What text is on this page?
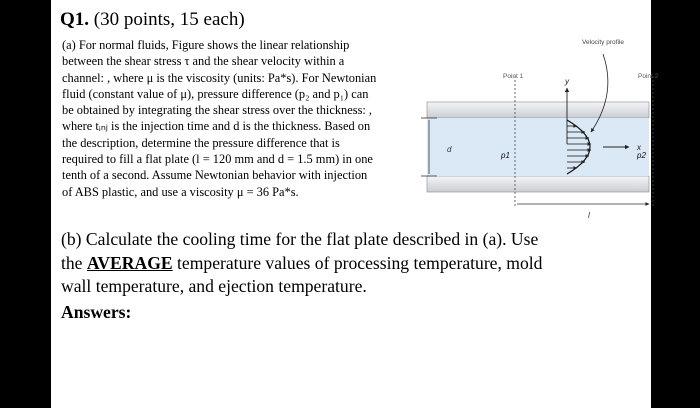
Q1. (30 points, 15 each)
(a) For normal fluids, Figure shows the linear relationship
between the shear stress τ and the shear velocity within a
channel: , where μ is the viscosity (units: Pa*s). For Newtonian
fluid (constant value of μ), pressure difference (p₂ and p₁) can
be obtained by integrating the shear stress over the thickness: ,
where tᵢₙⱼ is the injection time and d is the thickness. Based on
the description, determine the pressure difference that is
required to fill a flat plate (l = 120 mm and d = 1.5 mm) in one
tenth of a second. Assume Newtonian behavior with injection
of ABS plastic, and use a viscosity μ = 36 Pa*s.
d
l
y
x
Velocity profile
Point 1	Point 2
p1	p2
(b) Calculate the cooling time for the flat plate described in (a). Use
the AVERAGE temperature values of processing temperature, mold
wall temperature, and ejection temperature.
Answers:
